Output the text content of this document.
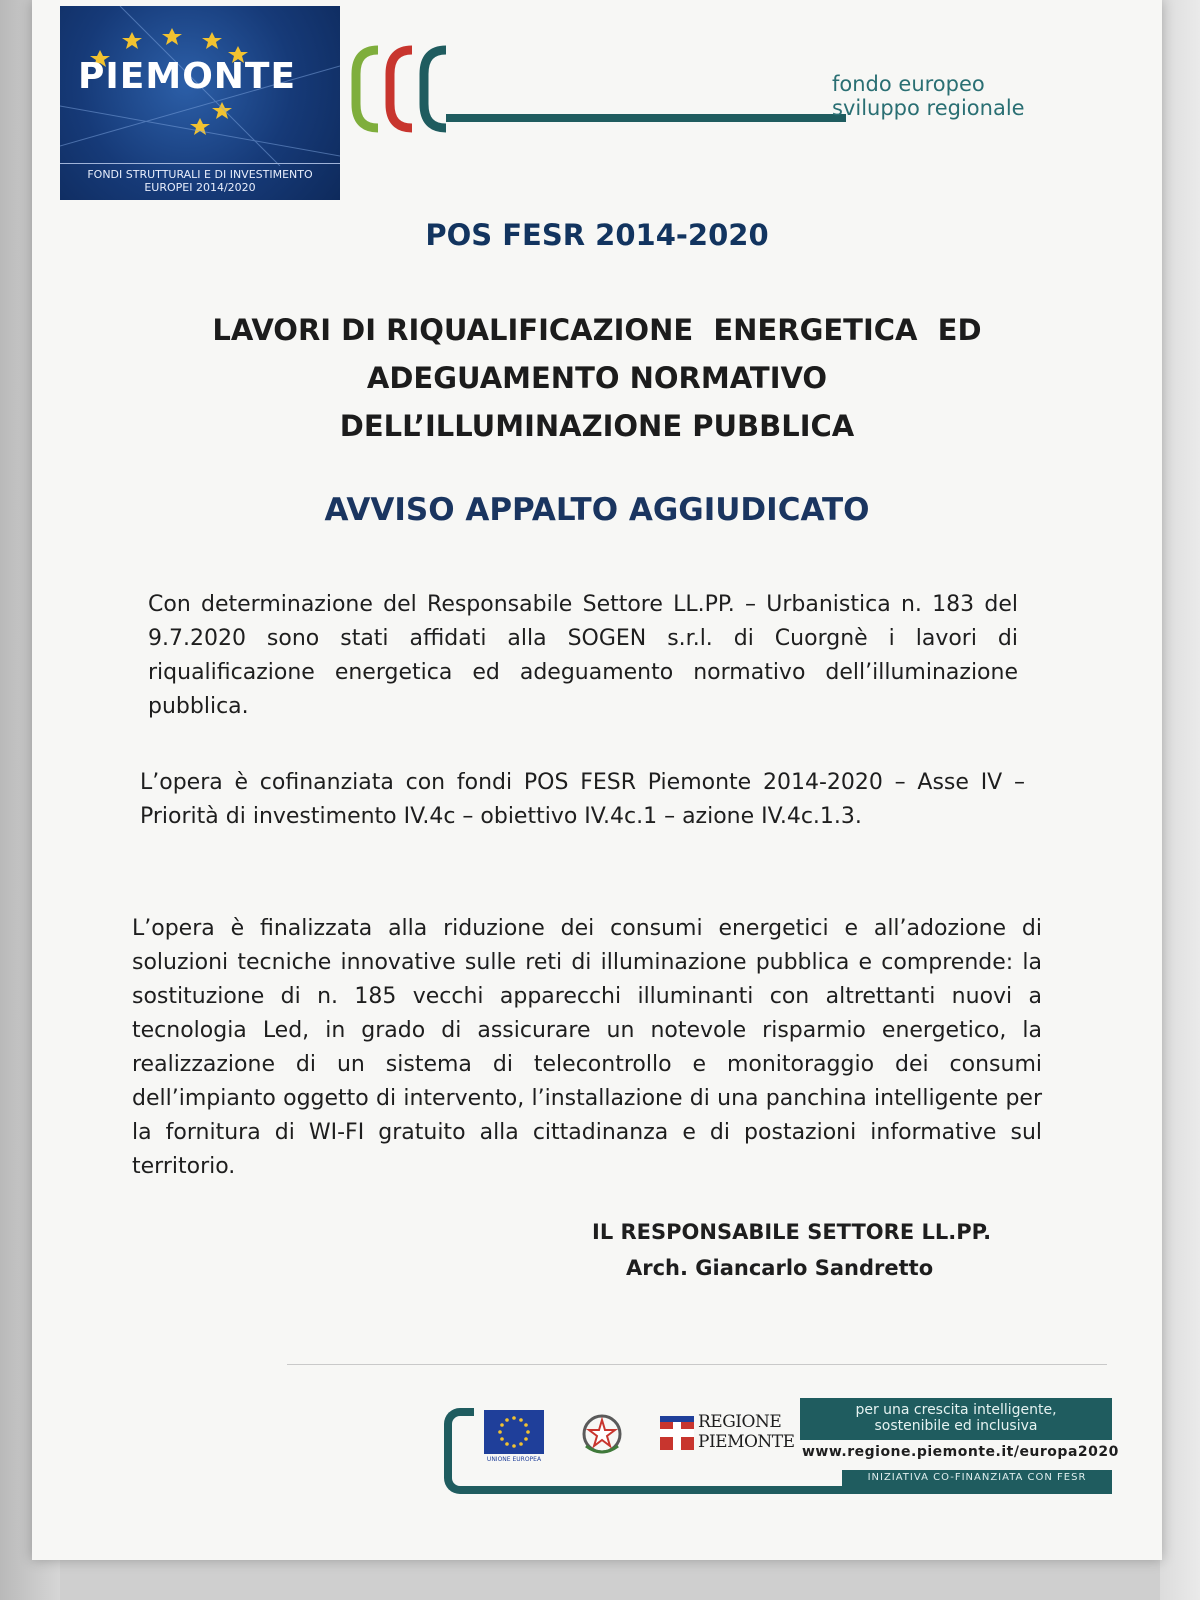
PIEMONTE
FONDI STRUTTURALI E DI INVESTIMENTO
EUROPEI 2014/2020
fondo europeo
sviluppo regionale
POS FESR 2014-2020
LAVORI DI RIQUALIFICAZIONE  ENERGETICA  ED
ADEGUAMENTO NORMATIVO
DELL’ILLUMINAZIONE PUBBLICA
AVVISO APPALTO AGGIUDICATO
Con determinazione del Responsabile Settore LL.PP. – Urbanistica n. 183 del 9.7.2020 sono stati affidati alla SOGEN s.r.l. di Cuorgnè i lavori di riqualificazione energetica ed adeguamento normativo dell’illuminazione pubblica.
L’opera è cofinanziata con fondi POS FESR Piemonte 2014-2020 – Asse IV – Priorità di investimento IV.4c – obiettivo IV.4c.1 – azione IV.4c.1.3.
L’opera è finalizzata alla riduzione dei consumi energetici e all’adozione di soluzioni tecniche innovative sulle reti di illuminazione pubblica e comprende: la sostituzione di n. 185 vecchi apparecchi illuminanti con altrettanti nuovi a tecnologia Led, in grado di assicurare un notevole risparmio energetico, la realizzazione di un sistema di telecontrollo e monitoraggio dei consumi dell’impianto oggetto di intervento, l’installazione di una panchina intelligente per la fornitura di WI-FI gratuito alla cittadinanza e di postazioni informative sul territorio.
IL RESPONSABILE SETTORE LL.PP.
Arch. Giancarlo Sandretto
UNIONE EUROPEA
REGIONE
PIEMONTE
per una crescita intelligente,
sostenibile ed inclusiva
www.regione.piemonte.it/europa2020
INIZIATIVA CO-FINANZIATA CON FESR
